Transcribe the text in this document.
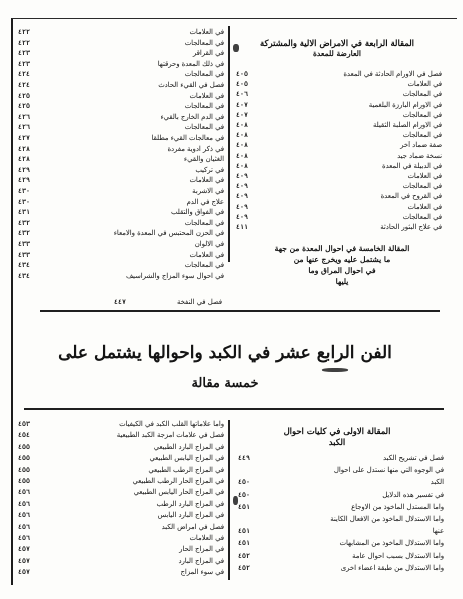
المقالة الرابعة في الامراض الالية والمشتركة
العارضة للمعدة
فصل في الاورام الحادثة في المعدة
٤٠٥
في العلامات
٤٠٥
في المعالجات
٤٠٦
في الاورام البارزة البلغمية
٤٠٧
في المعالجات
٤٠٧
في الاورام الصلبة الثقيلة
٤٠٨
في المعالجات
٤٠٨
صفة ضماد آخر
٤٠٨
نسخة ضماد جيد
٤٠٨
في الدبيلة في المعدة
٤٠٨
في العلامات
٤٠٩
في المعالجات
٤٠٩
في القروح في المعدة
٤٠٩
في العلامات
٤٠٩
في المعالجات
٤٠٩
في علاج البثور الحادثة
٤١١
المقالة الخامسة في احوال المعدة من جهة
ما يشتمل عليه ويخرج عنها من
في احوال المراق وما
يليها
في العلامات
٤٢٢
في المعالجات
٤٢٢
في القراقر
٤٢٣
في ذلك المعدة وحرقتها
٤٢٣
في المعالجات
٤٢٤
فصل في القيء الحادث
٤٢٤
في العلامات
٤٢٥
في المعالجات
٤٢٥
في الدم الخارج بالقيء
٤٢٦
في المعالجات
٤٢٦
في معالجات القيء مطلقا
٤٢٧
في ذكر ادوية مفردة
٤٢٨
الغثيان والقيء
٤٢٨
في تركيب
٤٢٩
في العلامات
٤٢٩
في الاشربة
٤٣٠
علاج في الدم
٤٣٠
في الفواق والتقلب
٤٣١
في المعالجات
٤٣٢
في الحزن المحتبس في المعدة والامعاء
٤٣٢
في الالوان
٤٣٣
في العلامات
٤٣٣
في المعالجات
٤٣٤
في احوال سوء المزاج والشراسيف
٤٣٤
٤٤٧	فصل في النفخة
الفن الرابع عشر في الكبد واحوالها يشتمل على
خمسة مقالة
المقالة الاولى في كليات احوال
الكبد
فصل في تشريح الكبد
٤٤٩
في الوجوه التي منها نستدل على احوال
الكبد
٤٥٠
في تفسير هذه الدلايل
٤٥٠
واما المستدل الماخوذ من الاوجاع
٤٥١
واما الاستدلال الماخوذ من الافعال الكاينة
عنها
٤٥١
واما الاستدلال الماخوذ من المشابهات
٤٥١
واما الاستدلال بسبب احوال عامة
٤٥٢
واما الاستدلال من طبقة اعضاء اخرى
٤٥٢
واما علاماتها القلب الكبد في الكيفيات
٤٥٣
فصل في علامات امزجة الكبد الطبيعية
٤٥٤
في المزاج البارد الطبيعي
٤٥٥
في المزاج اليابس الطبيعي
٤٥٥
في المزاج الرطب الطبيعي
٤٥٥
في المزاج الحار الرطب الطبيعي
٤٥٥
في المزاج الحار اليابس الطبيعي
٤٥٦
في المزاج البارد الرطب
٤٥٦
في المزاج البارد اليابس
٤٥٦
فصل في امراض الكبد
٤٥٦
في العلامات
٤٥٦
في المزاج الحار
٤٥٧
في المزاج البارد
٤٥٧
في سوء المزاج
٤٥٧
